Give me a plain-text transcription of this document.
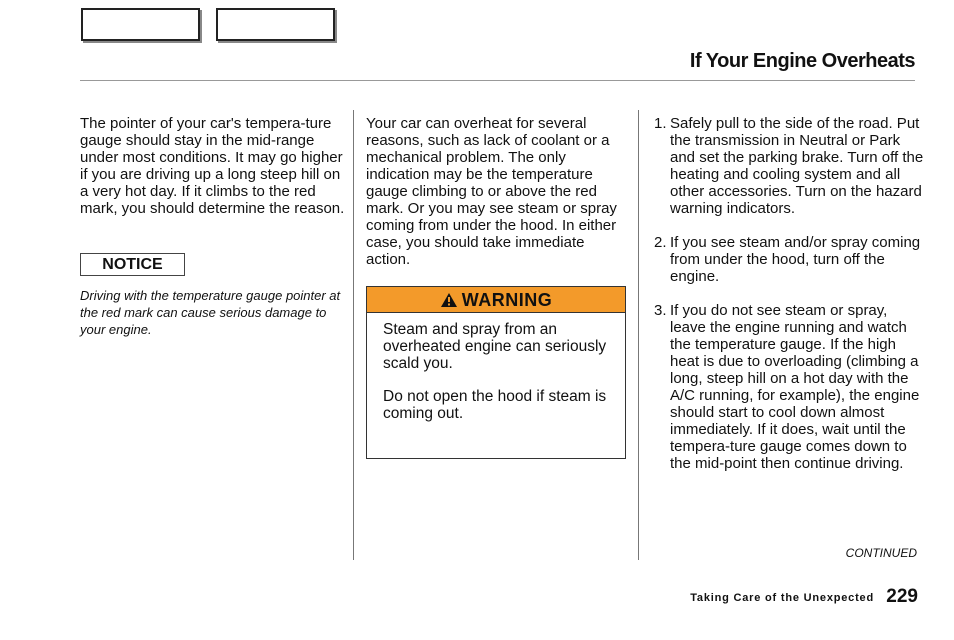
If Your Engine Overheats
The pointer of your car's tempera-ture gauge should stay in the mid-range under most conditions. It may go higher if you are driving up a long steep hill on a very hot day. If it climbs to the red mark, you should determine the reason.
NOTICE
Driving with the temperature gauge pointer at the red mark can cause serious damage to your engine.
Your car can overheat for several reasons, such as lack of coolant or a mechanical problem. The only indication may be the temperature gauge climbing to or above the red mark. Or you may see steam or spray coming from under the hood. In either case, you should take immediate action.
WARNING

Steam and spray from an overheated engine can seriously scald you.

Do not open the hood if steam is coming out.

1. Safely pull to the side of the road. Put the transmission in Neutral or Park and set the parking brake. Turn off the heating and cooling system and all other accessories. Turn on the hazard warning indicators.
2. If you see steam and/or spray coming from under the hood, turn off the engine.
3. If you do not see steam or spray, leave the engine running and watch the temperature gauge. If the high heat is due to overloading (climbing a long, steep hill on a hot day with the A/C running, for example), the engine should start to cool down almost immediately. If it does, wait until the tempera-ture gauge comes down to the mid-point then continue driving.
CONTINUED
Taking Care of the Unexpected 229
